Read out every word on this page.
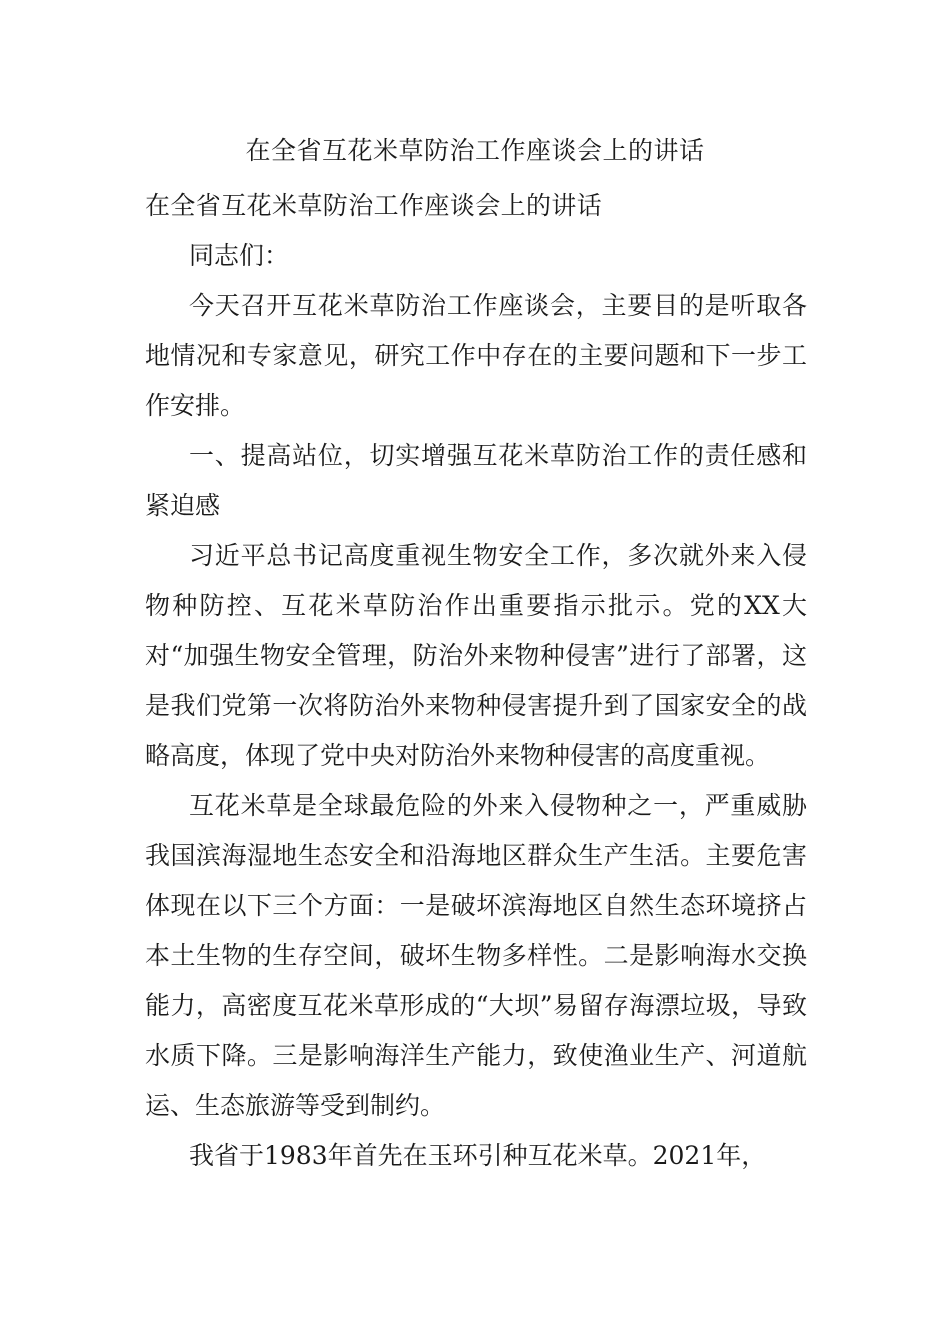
在全省互花米草防治工作座谈会上的讲话

在全省互花米草防治工作座谈会上的讲话

同志们：

今天召开互花米草防治工作座谈会，主要目的是听取各地情况和专家意见，研究工作中存在的主要问题和下一步工作安排。

一、提高站位，切实增强互花米草防治工作的责任感和紧迫感

习近平总书记高度重视生物安全工作，多次就外来入侵物种防控、互花米草防治作出重要指示批示。党的XX大对“加强生物安全管理，防治外来物种侵害”进行了部署，这是我们党第一次将防治外来物种侵害提升到了国家安全的战略高度，体现了党中央对防治外来物种侵害的高度重视。

互花米草是全球最危险的外来入侵物种之一，严重威胁我国滨海湿地生态安全和沿海地区群众生产生活。主要危害体现在以下三个方面：一是破坏滨海地区自然生态环境挤占本土生物的生存空间，破坏生物多样性。二是影响海水交换能力，高密度互花米草形成的“大坝”易留存海漂垃圾，导致水质下降。三是影响海洋生产能力，致使渔业生产、河道航运、生态旅游等受到制约。

我省于1983年首先在玉环引种互花米草。2021年，
